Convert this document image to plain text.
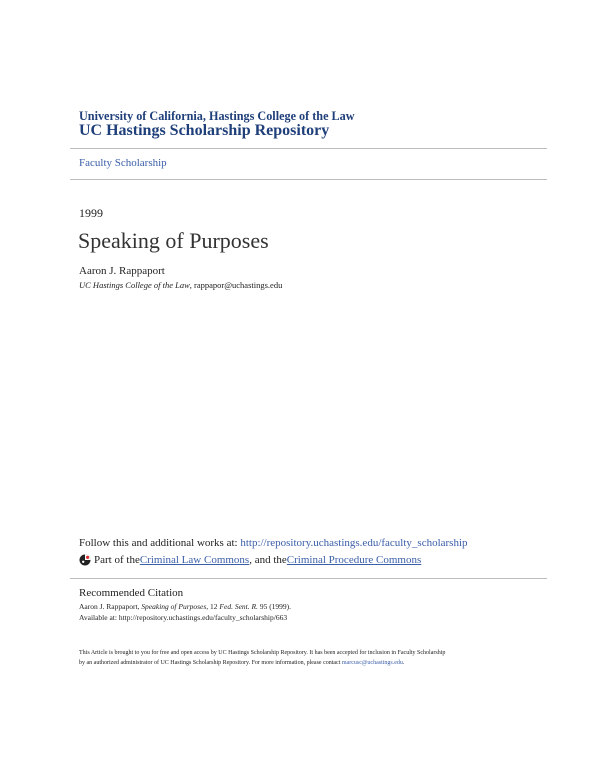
University of California, Hastings College of the Law
UC Hastings Scholarship Repository
Faculty Scholarship
1999
Speaking of Purposes
Aaron J. Rappaport
UC Hastings College of the Law, rappapor@uchastings.edu
Follow this and additional works at: http://repository.uchastings.edu/faculty_scholarship
Part of the Criminal Law Commons , and the Criminal Procedure Commons
Recommended Citation
Aaron J. Rappaport, Speaking of Purposes, 12 Fed. Sent. R. 95 (1999).
Available at: http://repository.uchastings.edu/faculty_scholarship/663
This Article is brought to you for free and open access by UC Hastings Scholarship Repository. It has been accepted for inclusion in Faculty Scholarship
by an authorized administrator of UC Hastings Scholarship Repository. For more information, please contact marcusc@uchastings.edu.
